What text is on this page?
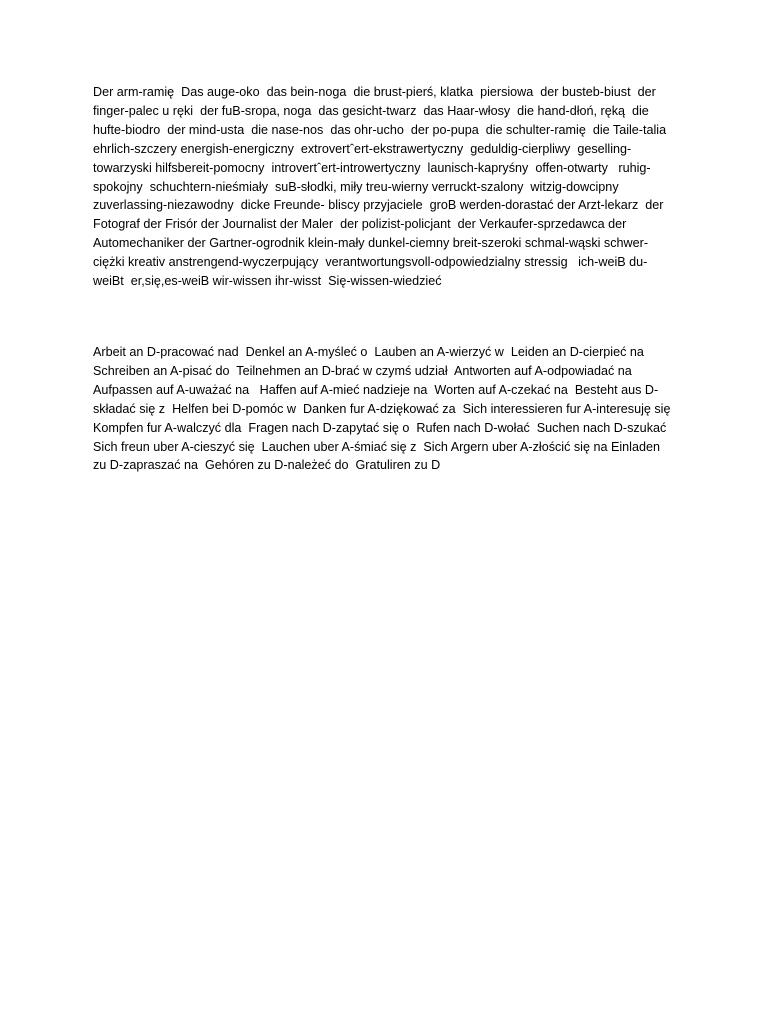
Der arm-ramię  Das auge-oko  das bein-noga  die brust-pierś, klatka  piersiowa  der busteb-biust  der finger-palec u ręki  der fuB-sropa, noga  das gesicht-twarz  das Haar-włosy  die hand-dłoń, ręką  die hufte-biodro  der mind-usta  die nase-nos  das ohr-ucho  der po-pupa  die schulter-ramię  die Taile-talia  ehrlich-szczery energish-energiczny  extrovertˆert-ekstrawertyczny  geduldig-cierpliwy  geselling-towarzyski hilfsbereit-pomocny  introvertˆert-introwertyczny  launisch-kapryśny  offen-otwarty   ruhig-spokojny  schuchtern-nieśmiały  suB-słodki, miły treu-wierny verruckt-szalony  witzig-dowcipny  zuverlassing-niezawodny  dicke Freunde- bliscy przyjaciele  groB werden-dorastać der Arzt-lekarz  der Fotograf der Frisór der Journalist der Maler  der polizist-policjant  der Verkaufer-sprzedawca der Automechaniker der Gartner-ogrodnik klein-mały dunkel-ciemny breit-szeroki schmal-wąski schwer-ciężki kreativ anstrengend-wyczerpujący  verantwortungsvoll-odpowiedzialny stressig   ich-weiB du-weiBt  er,się,es-weiB wir-wissen ihr-wisst  Się-wissen-wiedzieć

Arbeit an D-pracować nad  Denkel an A-myśleć o  Lauben an A-wierzyć w  Leiden an D-cierpieć na Schreiben an A-pisać do  Teilnehmen an D-brać w czymś udział  Antworten auf A-odpowiadać na Aufpassen auf A-uważać na   Haffen auf A-mieć nadzieje na  Worten auf A-czekać na  Besteht aus D-składać się z  Helfen bei D-pomóc w  Danken fur A-dziękować za  Sich interessieren fur A-interesuję się Kompfen fur A-walczyć dla  Fragen nach D-zapytać się o  Rufen nach D-wołać  Suchen nach D-szukać  Sich freun uber A-cieszyć się  Lauchen uber A-śmiać się z  Sich Argern uber A-złościć się na Einladen zu D-zapraszać na  Gehóren zu D-należeć do  Gratuliren zu D
